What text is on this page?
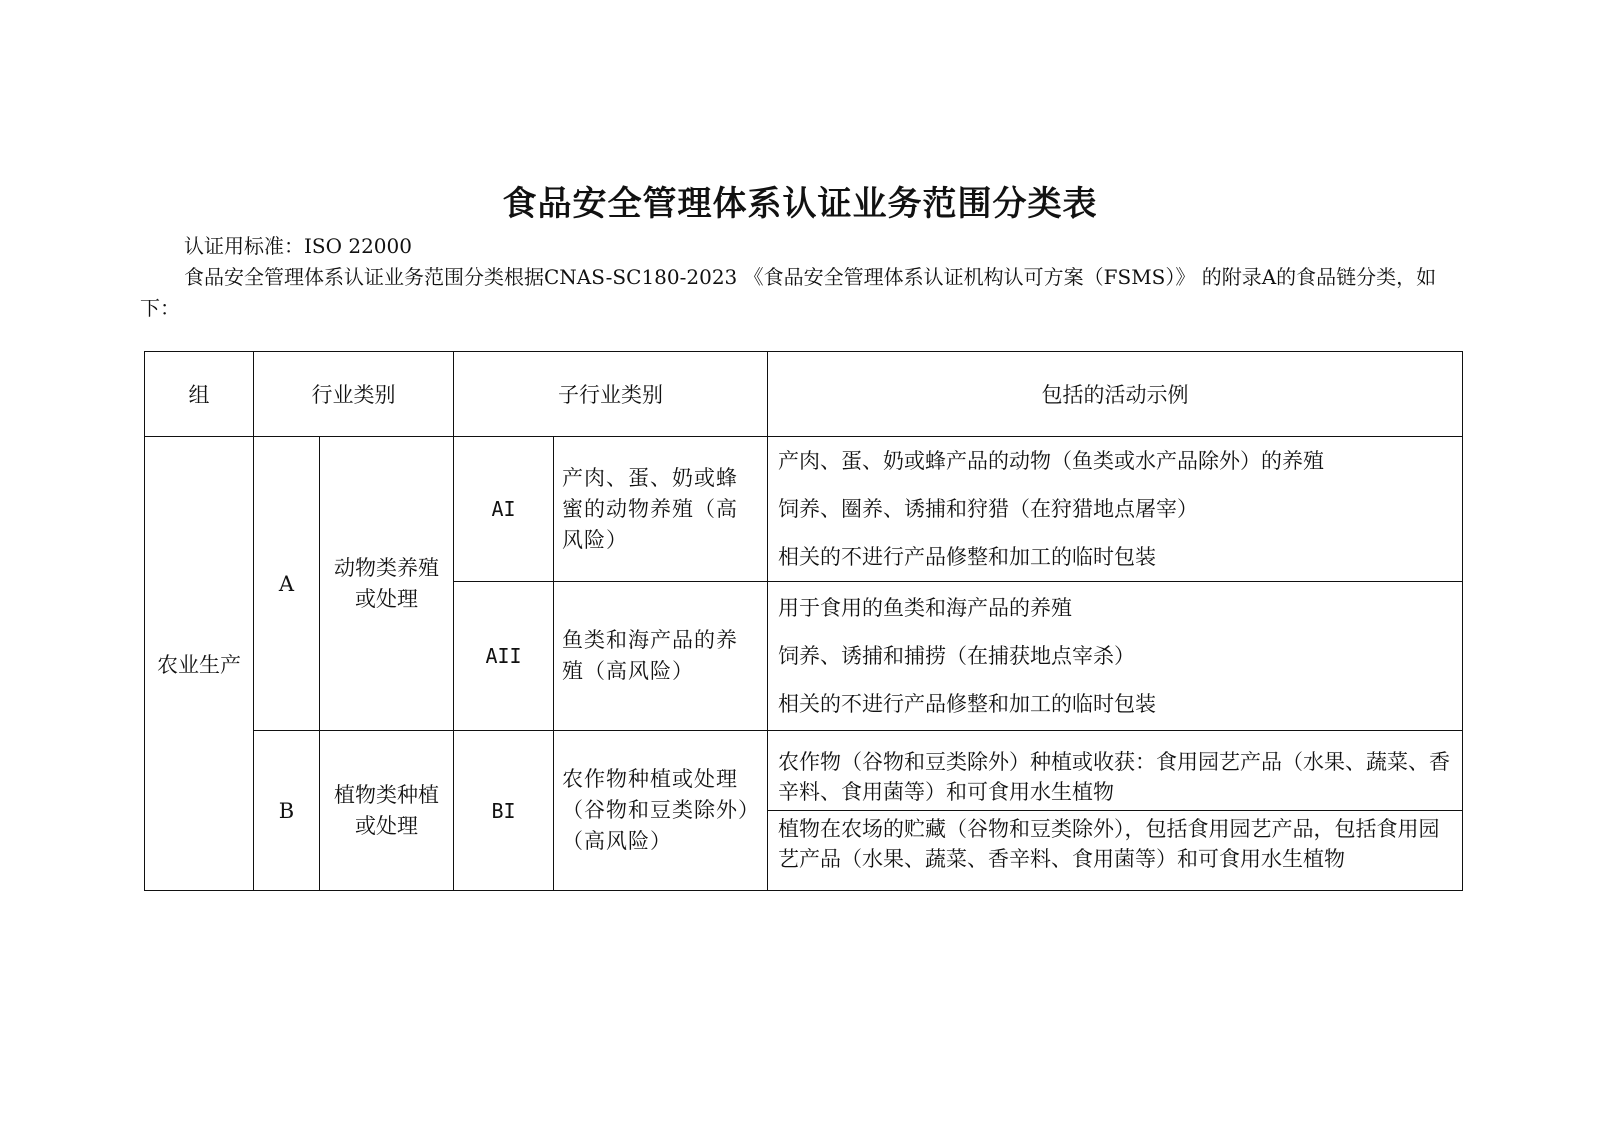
食品安全管理体系认证业务范围分类表
认证用标准：ISO 22000
食品安全管理体系认证业务范围分类根据CNAS-SC180-2023 《食品安全管理体系认证机构认可方案（FSMS）》 的附录A的食品链分类，如下：
组	行业类别		子行业类别		包括的活动示例
农业生产	A	动物类养殖或处理	AI	产肉、蛋、奶或蜂蜜的动物养殖（高风险）	产肉、蛋、奶或蜂产品的动物（鱼类或水产品除外）的养殖
饲养、圈养、诱捕和狩猎（在狩猎地点屠宰）
相关的不进行产品修整和加工的临时包装

			AII	鱼类和海产品的养殖（高风险）	用于食用的鱼类和海产品的养殖
饲养、诱捕和捕捞（在捕获地点宰杀）
相关的不进行产品修整和加工的临时包装

	B	植物类种植或处理	BI	农作物种植或处理（谷物和豆类除外）（高风险）	农作物（谷物和豆类除外）种植或收获：食用园艺产品（水果、蔬菜、香辛料、食用菌等）和可食用水生植物
植物在农场的贮藏（谷物和豆类除外），包括食用园艺产品，包括食用园艺产品（水果、蔬菜、香辛料、食用菌等）和可食用水生植物
